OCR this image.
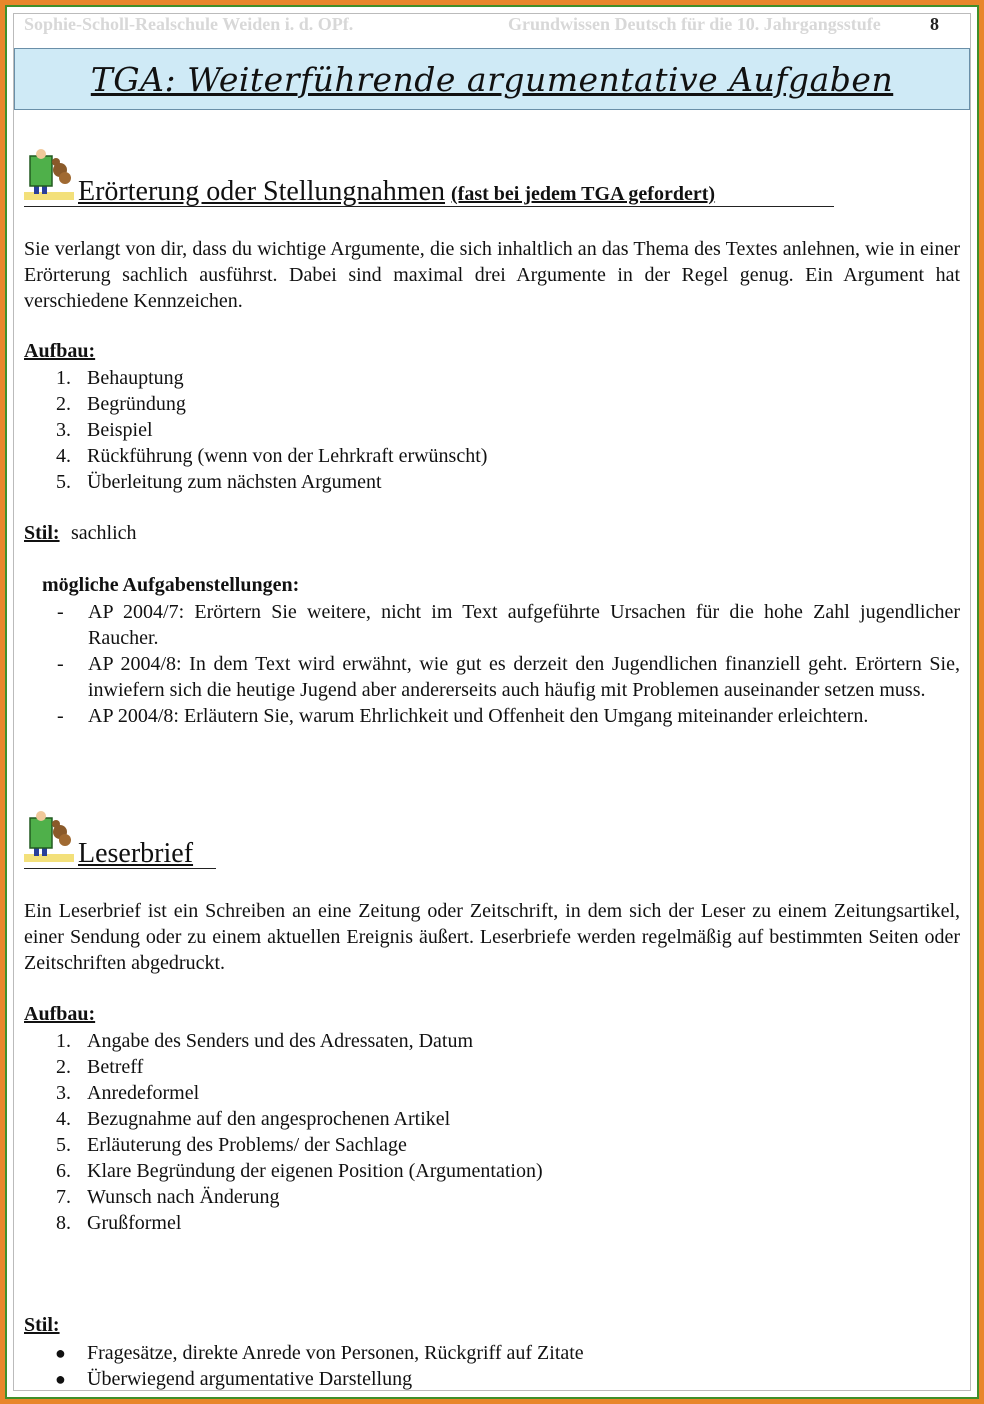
Sophie-Scholl-Realschule Weiden i. d. OPf.	Grundwissen Deutsch für die 10. Jahrgangsstufe	8
TGA: Weiterführende argumentative Aufgaben
Erörterung oder Stellungnahmen (fast bei jedem TGA gefordert)
Sie verlangt von dir, dass du wichtige Argumente, die sich inhaltlich an das Thema des Textes anlehnen, wie in einer Erörterung sachlich ausführst. Dabei sind maximal drei Argumente in der Regel genug. Ein Argument hat verschiedene Kennzeichen.
Aufbau:
1. Behauptung
2. Begründung
3. Beispiel
4. Rückführung (wenn von der Lehrkraft erwünscht)
5. Überleitung zum nächsten Argument
Stil: sachlich
mögliche Aufgabenstellungen:
- AP 2004/7: Erörtern Sie weitere, nicht im Text aufgeführte Ursachen für die hohe Zahl jugendlicher Raucher.
- AP 2004/8: In dem Text wird erwähnt, wie gut es derzeit den Jugendlichen finanziell geht. Erörtern Sie, inwiefern sich die heutige Jugend aber andererseits auch häufig mit Problemen auseinander setzen muss.
- AP 2004/8: Erläutern Sie, warum Ehrlichkeit und Offenheit den Umgang miteinander erleichtern.
Leserbrief
Ein Leserbrief ist ein Schreiben an eine Zeitung oder Zeitschrift, in dem sich der Leser zu einem Zeitungsartikel, einer Sendung oder zu einem aktuellen Ereignis äußert. Leserbriefe werden regelmäßig auf bestimmten Seiten oder Zeitschriften abgedruckt.
Aufbau:
1. Angabe des Senders und des Adressaten, Datum
2. Betreff
3. Anredeformel
4. Bezugnahme auf den angesprochenen Artikel
5. Erläuterung des Problems/ der Sachlage
6. Klare Begründung der eigenen Position (Argumentation)
7. Wunsch nach Änderung
8. Grußformel
Stil:
● Fragesätze, direkte Anrede von Personen, Rückgriff auf Zitate
● Überwiegend argumentative Darstellung
